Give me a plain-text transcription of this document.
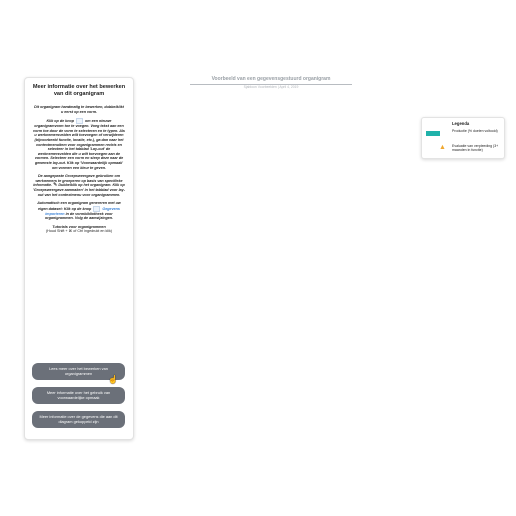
Voorbeeld van een gegevensgestuurd organigram
Sjabloon Voorbeelden | April 4, 2019
Meer informatie over het bewerken van dit organigram

Dit organigram handmatig te bewerken, dubbelklikt u eerst op een vorm.

Klik op de knop	om een nieuwe organigramvorm toe te voegen. Voeg tekst aan een vorm toe door de vorm te selecteren en te typen. Als u werknemersvelden wilt toevoegen of verwijderen (bijvoorbeeld functie, locatie, etc.), ga dan naar het contextmenuitem voor organigrammen rechts en selecteer in het tabblad 'Lay-out' de werknemersvelden die u wilt toevoegen aan de vormen. Selecteer een vorm en sleep deze naar de gewenste lay-out. Klik op 'Voorwaardelijk opmaak' om vormen een kleur te geven.

De aangepaste Groepsweergave gebruiken om werknemers te groeperen op basis van specifieke informatie. ✎ Dubbelklik op het organigram. Klik op 'Groepsweergave aanmaken' in het tabblad voor lay-out van het contextmenu voor organigrammen.

Automatisch een organigram genereren met uw eigen dataset: Klik op de knop	Gegevens importeren in de vormbibliotheek voor organigrammen. Volg de aanwijzingen.

Tutorials voor organigrammen
(Houd Shift + ⌘ of Ctrl ingedrukt en klik)

Lees meer over het bewerken van organigrammen
Meer informatie over het gebruik van voorwaardelijke opmaak
Meer informatie over de gegevens die aan dit diagram gekoppeld zijn
☝
Legenda
Productie (% doelen voltooid)
▲ Evaluatie van verpleeding (3+ maanden in functie)
